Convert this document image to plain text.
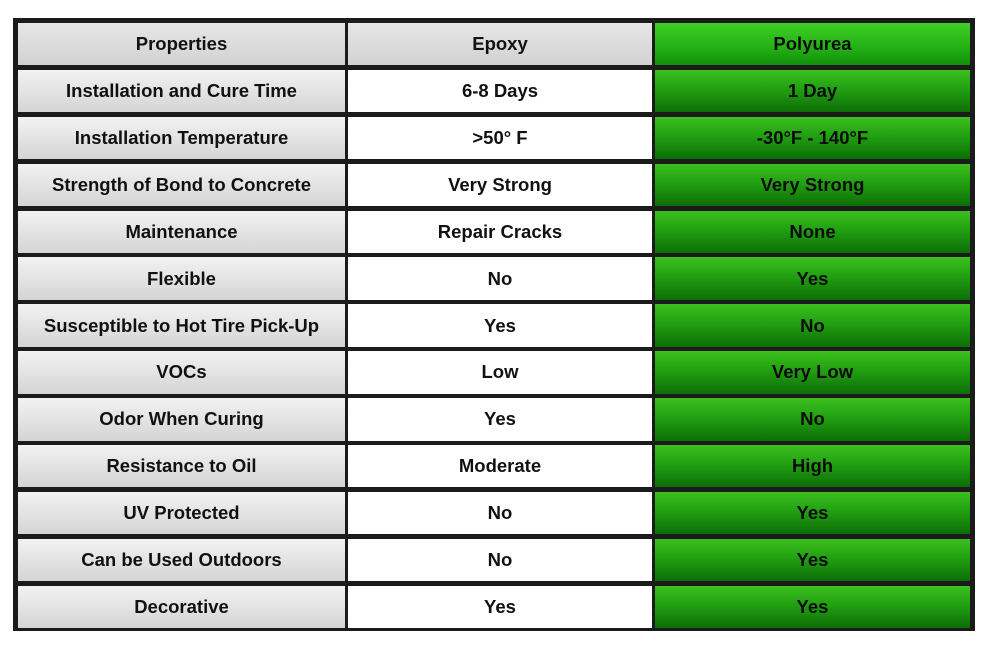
Properties	Epoxy	Polyurea
Installation and Cure Time	6-8 Days	1 Day
Installation Temperature	>50° F	-30°F - 140°F
Strength of Bond to Concrete	Very Strong	Very Strong
Maintenance	Repair Cracks	None
Flexible	No	Yes
Susceptible to Hot Tire Pick-Up	Yes	No
VOCs	Low	Very Low
Odor When Curing	Yes	No
Resistance to Oil	Moderate	High
UV Protected	No	Yes
Can be Used Outdoors	No	Yes
Decorative	Yes	Yes
